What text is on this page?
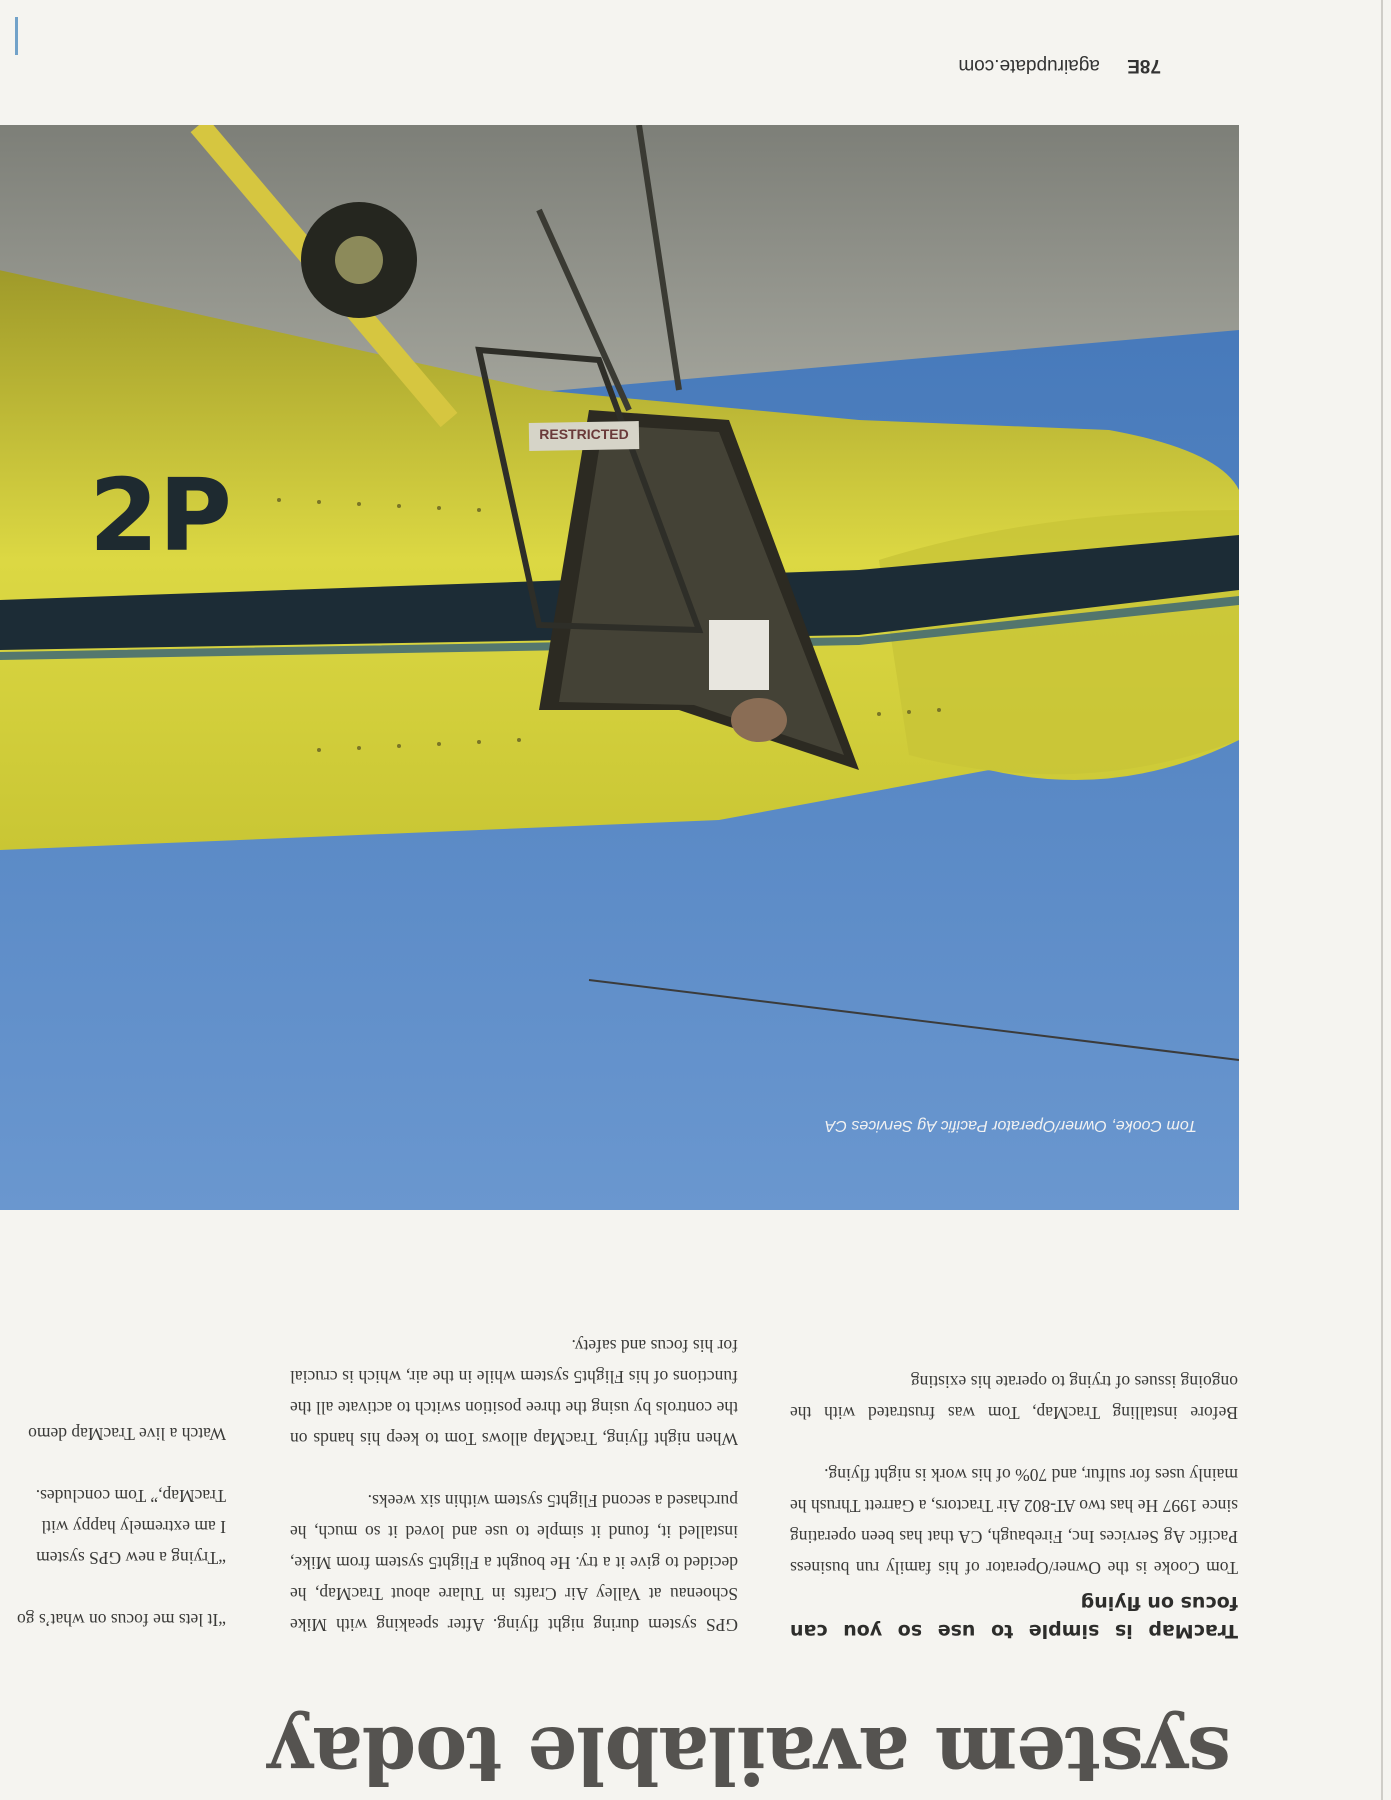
system available today
TracMap is simple to use so you can focus on flying

Tom Cooke is the Owner/Operator of his family run business Pacific Ag Services Inc, Firebaugh, CA that has been operating since 1997 He has two AT-802 Air Tractors, a Garrett Thrush he mainly uses for sulfur, and 70% of his work is night flying.

Before installing TracMap, Tom was frustrated with the ongoing issues of trying to operate his existing

GPS system during night flying. After speaking with Mike Schoenau at Valley Air Crafts in Tulare about TracMap, he decided to give it a try. He bought a Flight5 system from Mike, installed it, found it simple to use and loved it so much, he purchased a second Flight5 system within six weeks.

When night flying, TracMap allows Tom to keep his hands on the controls by using the three position switch to activate all the functions of his Flight5 system while in the air, which is crucial for his focus and safety.

“It lets me focus on what’s go

“Trying a new GPS system

I am extremely happy witl

TracMap,” Tom concludes.

Watch a live TracMap demo

RESTRICTED
2P
Tom Cooke, Owner/Operator Pacific Ag Services CA
78E agairupdate.com
